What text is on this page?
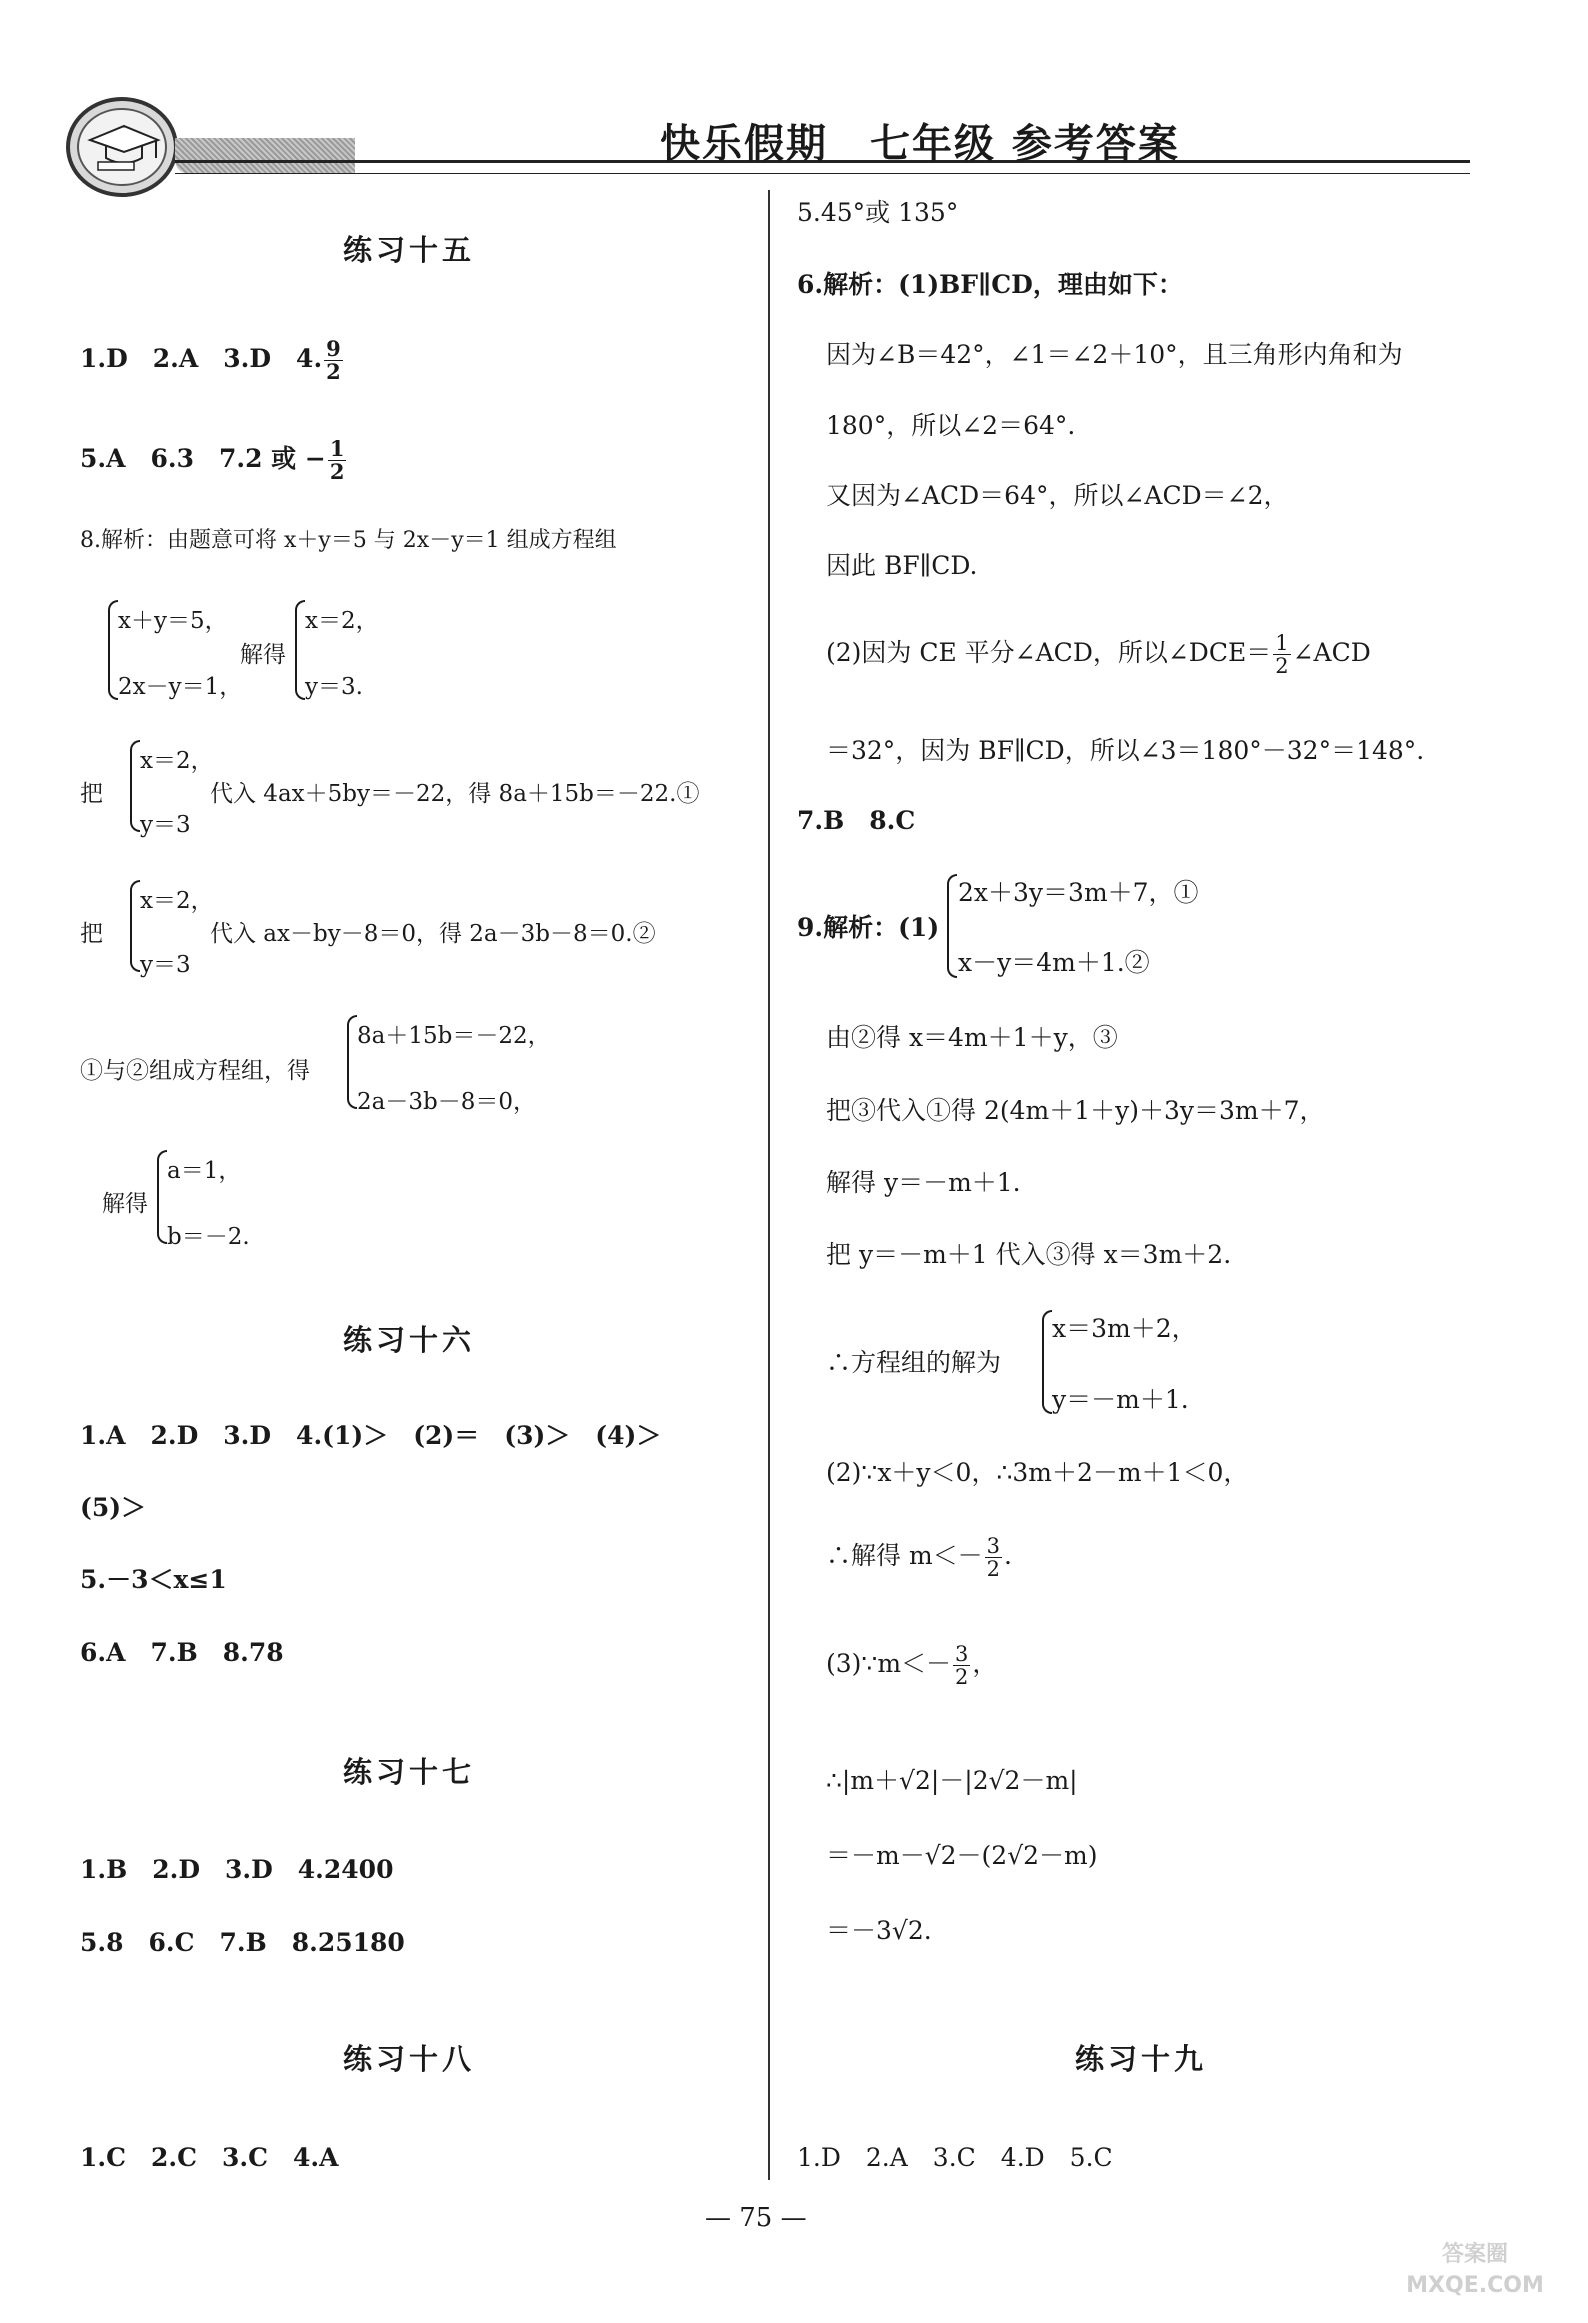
快乐假期　七年级 参考答案
练习十五
1.D　2.A　3.D　4. $\frac{9}{2}$
5.A　6.3　7.2 或 − $\frac{1}{2}$
8.解析：由题意可将 x＋y＝5 与 2x－y＝1 组成方程组
x＋y＝5，
2x－y＝1，
解得
x＝2，
y＝3.
把
x＝2，
y＝3
代入 4ax＋5by＝－22，得 8a＋15b＝－22.①
把
x＝2，
y＝3
代入 ax－by－8＝0，得 2a－3b－8＝0.②
①与②组成方程组，得
8a＋15b＝－22，
2a－3b－8＝0，
解得
a＝1，
b＝－2.
练习十六
1.A　2.D　3.D　4.(1)＞　(2)＝　(3)＞　(4)＞
(5)＞
5.－3＜x≤1
6.A　7.B　8.78
练习十七
1.B　2.D　3.D　4.2400
5.8　6.C　7.B　8.25180
练习十八
1.C　2.C　3.C　4.A
5.45°或 135°
6.解析：(1)BF∥CD，理由如下：
因为∠B＝42°，∠1＝∠2＋10°，且三角形内角和为
180°，所以∠2＝64°.
又因为∠ACD＝64°，所以∠ACD＝∠2，
因此 BF∥CD.
(2)因为 CE 平分∠ACD，所以∠DCE＝ $\frac{1}{2}$ ∠ACD
＝32°，因为 BF∥CD，所以∠3＝180°－32°＝148°.
7.B　8.C
9.解析：(1)
2x＋3y＝3m＋7，①
x－y＝4m＋1.②
由②得 x＝4m＋1＋y，③
把③代入①得 2(4m＋1＋y)＋3y＝3m＋7，
解得 y＝－m＋1.
把 y＝－m＋1 代入③得 x＝3m＋2.
∴方程组的解为
x＝3m＋2，
y＝－m＋1.
(2)∵x＋y＜0，∴3m＋2－m＋1＜0，
∴解得 $m<- \frac{3}{2}$ .
(3)∵m＜－ $\frac{3}{2}$ ，
∴|m＋√2|－|2√2－m|
＝－m－√2－(2√2－m)
＝－3√2.
练习十九
1.D　2.A　3.C　4.D　5.C
— 75 —
答案圈 MXQE.COM
